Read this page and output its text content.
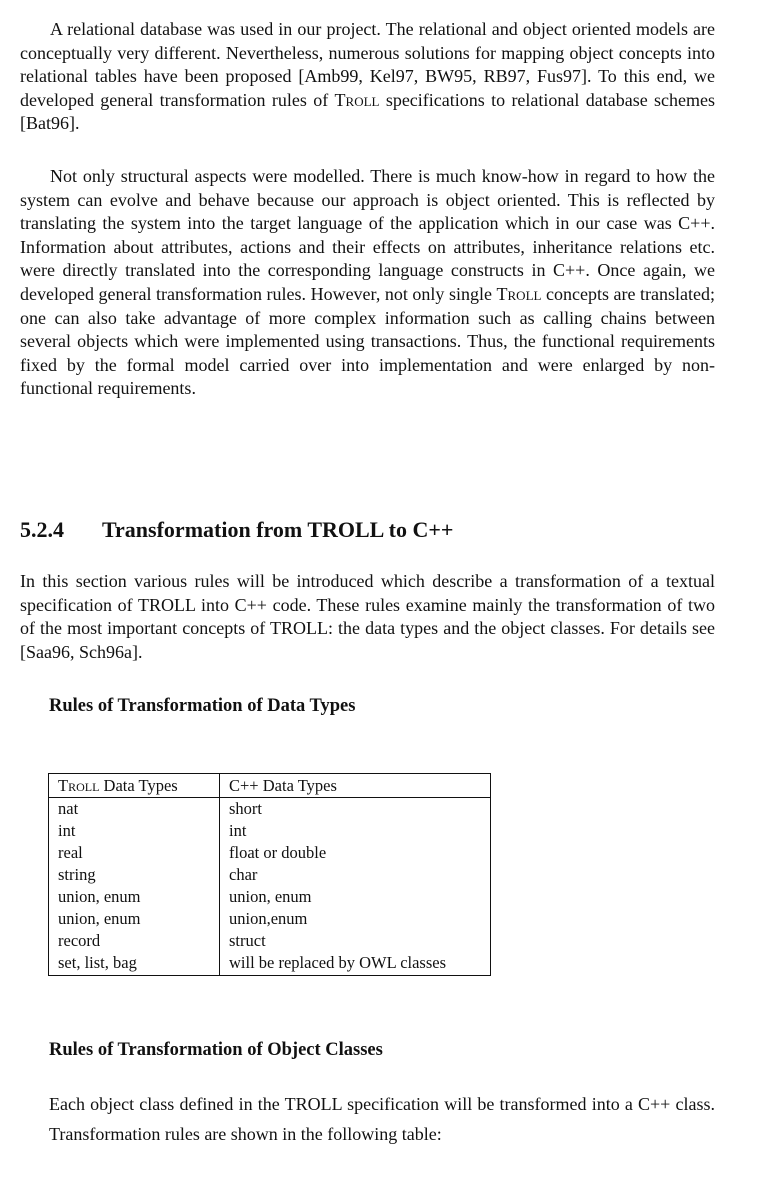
A relational database was used in our project. The relational and object oriented models are conceptually very different. Nevertheless, numerous solutions for mapping object concepts into relational tables have been proposed [Amb99, Kel97, BW95, RB97, Fus97]. To this end, we developed general transformation rules of Troll specifications to relational database schemes [Bat96].

Not only structural aspects were modelled. There is much know-how in regard to how the system can evolve and behave because our approach is object oriented. This is reflected by translating the system into the target language of the application which in our case was C++. Information about attributes, actions and their effects on attributes, inheritance relations etc. were directly translated into the corresponding language constructs in C++. Once again, we developed general transformation rules. However, not only single Troll concepts are translated; one can also take advantage of more complex information such as calling chains between several objects which were implemented using transactions. Thus, the functional requirements fixed by the formal model carried over into implementation and were enlarged by non-functional requirements.

5.2.4 Transformation from TROLL to C++

In this section various rules will be introduced which describe a transformation of a textual specification of TROLL into C++ code. These rules examine mainly the transformation of two of the most important concepts of TROLL: the data types and the object classes. For details see [Saa96, Sch96a].

Rules of Transformation of Data Types
Troll Data Types	C++ Data Types
nat	short
int	int
real	float or double
string	char
union, enum	union, enum
union, enum	union,enum
record	struct
set, list, bag	will be replaced by OWL classes
Rules of Transformation of Object Classes

Each object class defined in the TROLL specification will be transformed into a C++ class. Transformation rules are shown in the following table:
